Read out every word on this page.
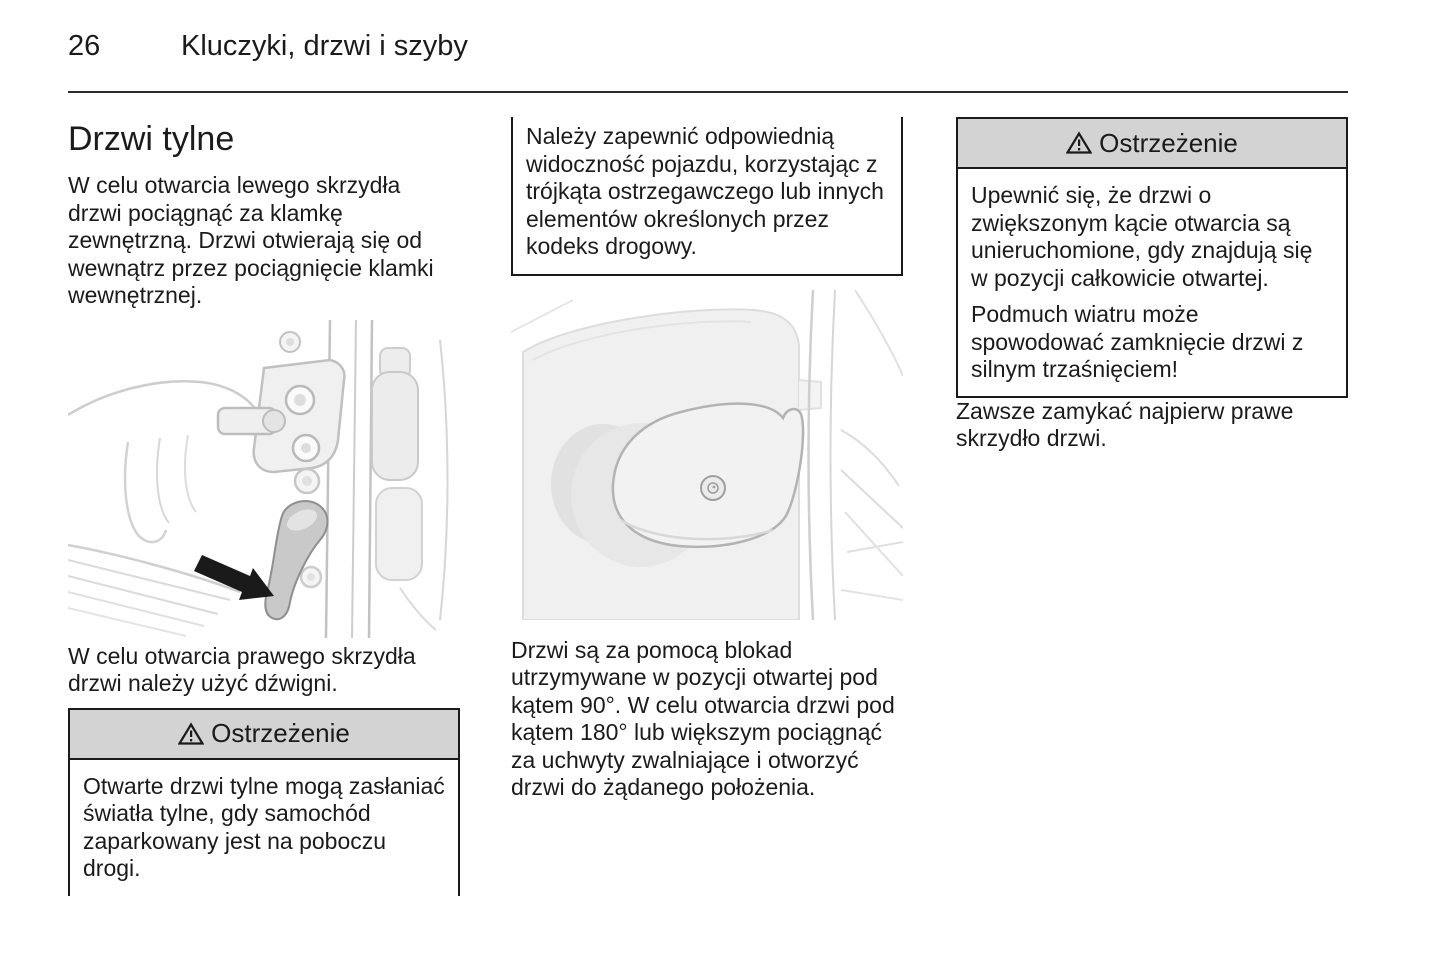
26	Kluczyki, drzwi i szyby
Drzwi tylne

W celu otwarcia lewego skrzydła drzwi pociągnąć za klamkę zewnętrzną. Drzwi otwierają się od wewnątrz przez pociągnięcie klamki wewnętrznej.

W celu otwarcia prawego skrzydła drzwi należy użyć dźwigni.

Ostrzeżenie

Otwarte drzwi tylne mogą zasłaniać światła tylne, gdy samochód zaparkowany jest na poboczu drogi.

Należy zapewnić odpowiednią widoczność pojazdu, korzystając z trójkąta ostrzegawczego lub innych elementów określonych przez kodeks drogowy.

Drzwi są za pomocą blokad utrzymywane w pozycji otwartej pod kątem 90°. W celu otwarcia drzwi pod kątem 180° lub większym pociągnąć za uchwyty zwalniające i otworzyć drzwi do żądanego położenia.

Ostrzeżenie

Upewnić się, że drzwi o zwiększonym kącie otwarcia są unieruchomione, gdy znajdują się w pozycji całkowicie otwartej.

Podmuch wiatru może spowodować zamknięcie drzwi z silnym trzaśnięciem!

Zawsze zamykać najpierw prawe skrzydło drzwi.
